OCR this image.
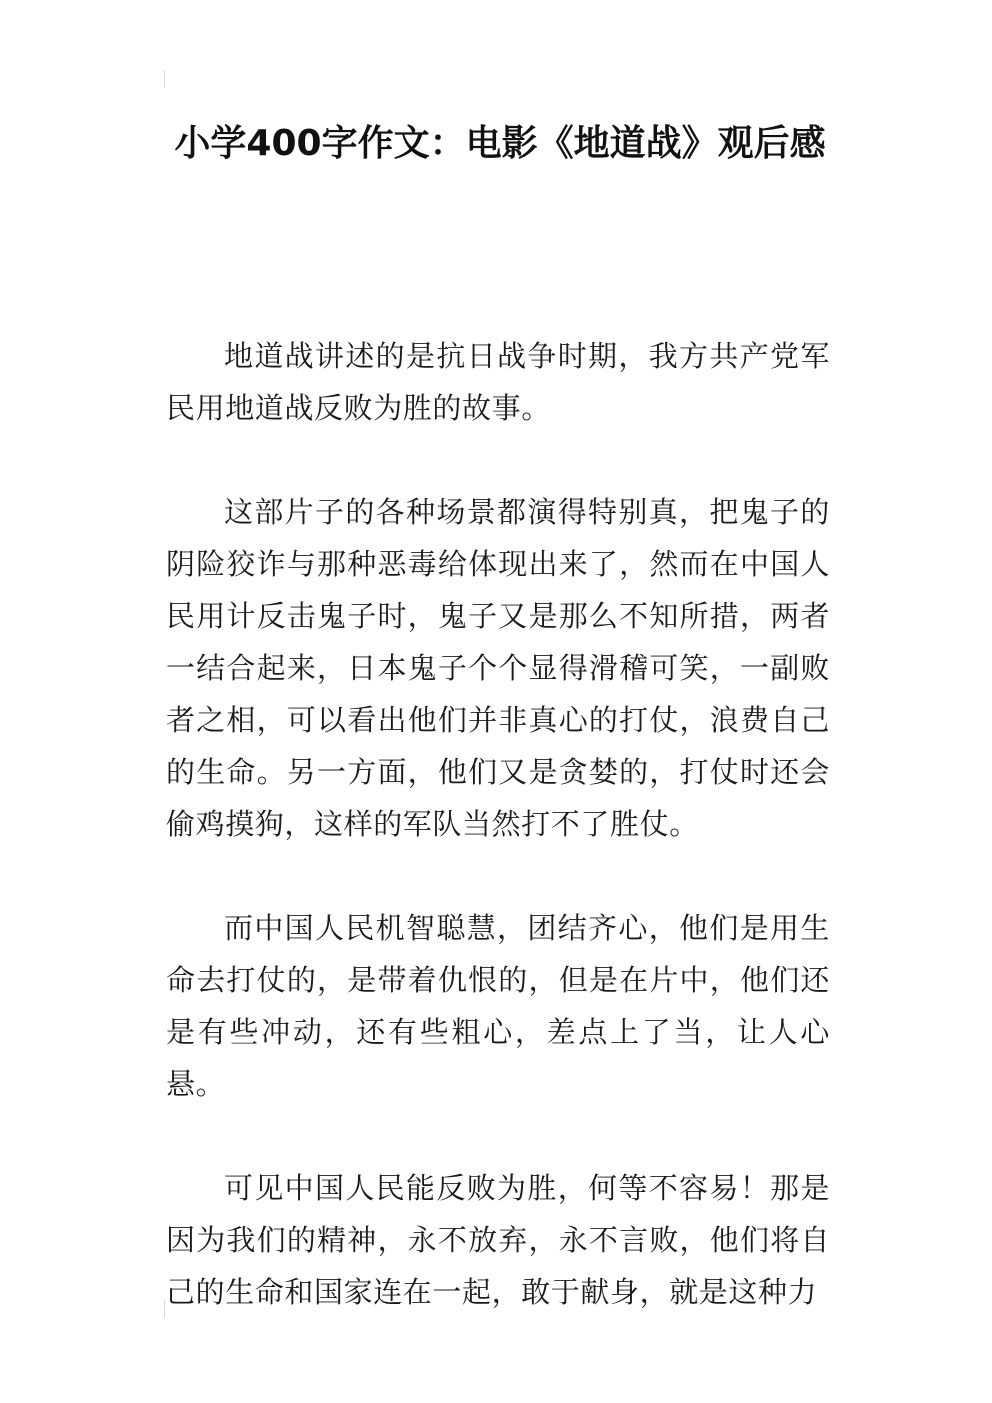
小学400字作文：电影《地道战》观后感

地道战讲述的是抗日战争时期，我方共产党军民用地道战反败为胜的故事。

这部片子的各种场景都演得特别真，把鬼子的阴险狡诈与那种恶毒给体现出来了，然而在中国人民用计反击鬼子时，鬼子又是那么不知所措，两者一结合起来，日本鬼子个个显得滑稽可笑，一副败者之相，可以看出他们并非真心的打仗，浪费自己的生命。另一方面，他们又是贪婪的，打仗时还会偷鸡摸狗，这样的军队当然打不了胜仗。

而中国人民机智聪慧，团结齐心，他们是用生命去打仗的，是带着仇恨的，但是在片中，他们还是有些冲动，还有些粗心，差点上了当，让人心悬。

可见中国人民能反败为胜，何等不容易！那是因为我们的精神，永不放弃，永不言败，他们将自己的生命和国家连在一起，敢于献身，就是这种力
